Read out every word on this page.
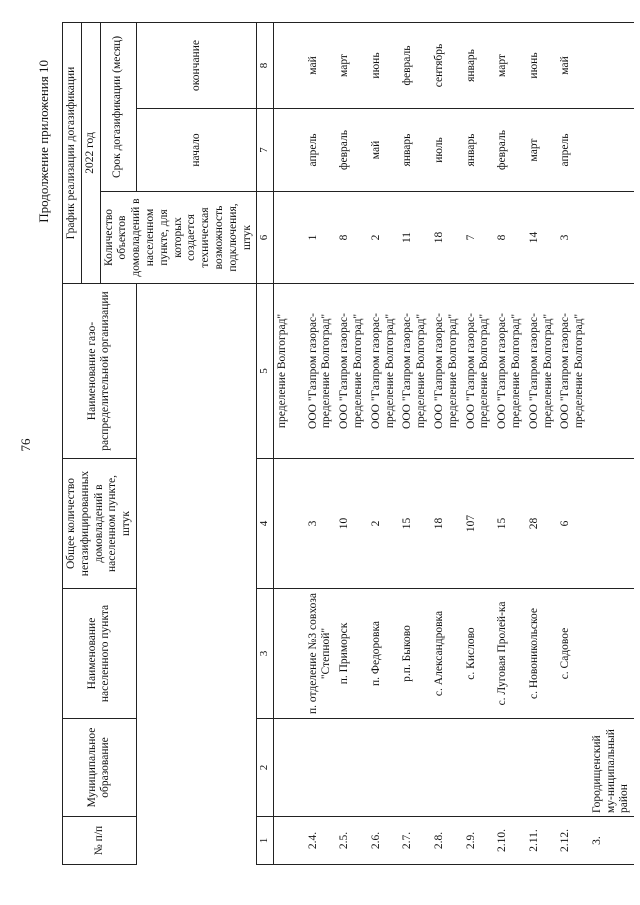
76
Продолжение приложения 10
№ п/п	Муниципальное образование	Наименование населенного пункта	Общее количество негазифицированных домовладений в населенном пункте, штук	Наименование газо-распределительной организации	График реализации догазификации		
					2022 год		
					Количество объектов домовладений в населенном пункте, для которых создается техническая возможность подключения, штук	Срок догазификации (месяц)	
						начало	окончание
1	2	3	4	5	6	7	8
				пределение Волгоград"			
2.4.		п. отделение №3 совхоза "Степной"	3	ООО "Газпром газорас-пределение Волгоград"	1	апрель	май
2.5.		п. Приморск	10	ООО "Газпром газорас-пределение Волгоград"	8	февраль	март
2.6.		п. Федоровка	2	ООО "Газпром газорас-пределение Волгоград"	2	май	июнь
2.7.		р.п. Быково	15	ООО "Газпром газорас-пределение Волгоград"	11	январь	февраль
2.8.		с. Александровка	18	ООО "Газпром газорас-пределение Волгоград"	18	июль	сентябрь
2.9.		с. Кислово	107	ООО "Газпром газорас-пределение Волгоград"	7	январь	январь
2.10.		с. Луговая Пролей-ка	15	ООО "Газпром газорас-пределение Волгоград"	8	февраль	март
2.11.		с. Новоникольское	28	ООО "Газпром газорас-пределение Волгоград"	14	март	июнь
2.12.		с. Садовое	6	ООО "Газпром газорас-пределение Волгоград"	3	апрель	май
3.	Городищенский му-ниципальный район						
